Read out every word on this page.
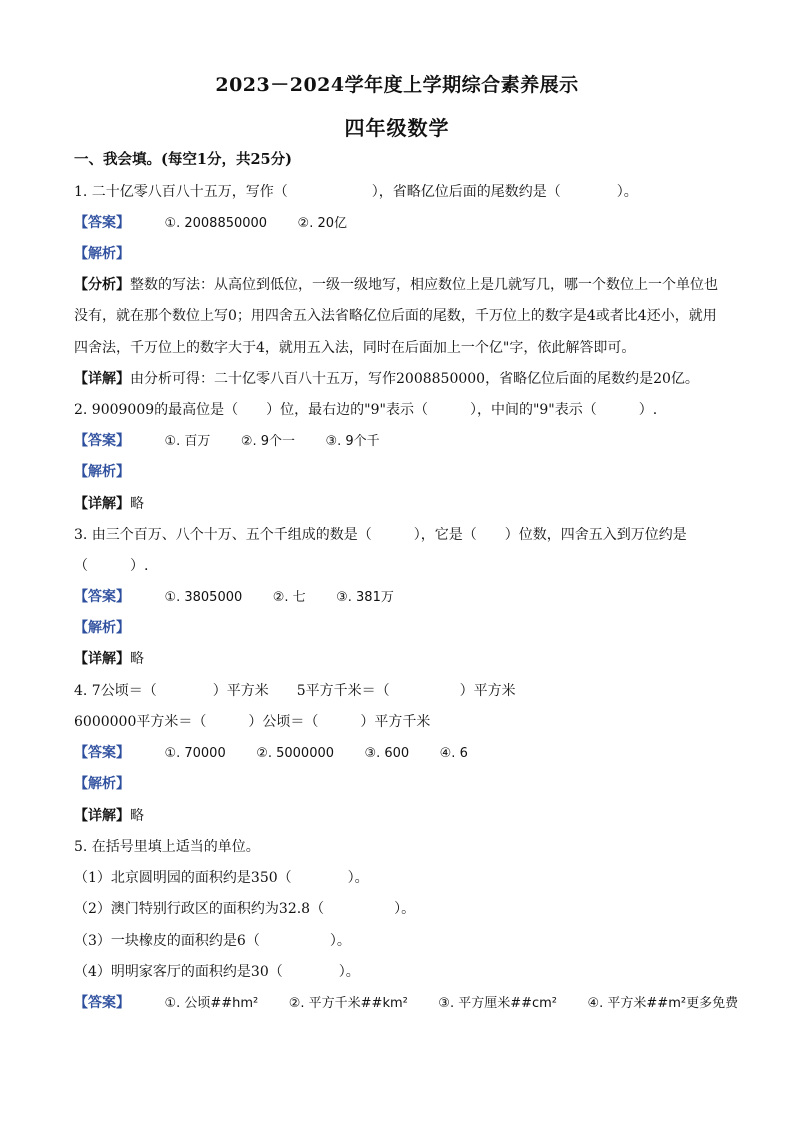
2023－2024学年度上学期综合素养展示
四年级数学
一、我会填。(每空1分，共25分)
1. 二十亿零八百八十五万，写作（　　　　　　），省略亿位后面的尾数约是（　　　　）。
【答案】	①. 2008850000 ②. 20亿
【解析】
【分析】整数的写法：从高位到低位，一级一级地写，相应数位上是几就写几，哪一个数位上一个单位也
没有，就在那个数位上写0；用四舍五入法省略亿位后面的尾数，千万位上的数字是4或者比4还小，就用
四舍法，千万位上的数字大于4，就用五入法，同时在后面加上一个亿"字，依此解答即可。
【详解】由分析可得：二十亿零八百八十五万，写作2008850000，省略亿位后面的尾数约是20亿。
2. 9009009的最高位是（　　）位，最右边的"9"表示（　　　），中间的"9"表示（　　　）.
【答案】	①. 百万 ②. 9个一 ③. 9个千
【解析】
【详解】略
3. 由三个百万、八个十万、五个千组成的数是（　　　），它是（　　）位数，四舍五入到万位约是
（　　　）.
【答案】	①. 3805000 ②. 七 ③. 381万
【解析】
【详解】略
4. 7公顷＝（　　　　）平方米　　5平方千米＝（　　　　　）平方米
6000000平方米＝（　　　）公顷＝（　　　）平方千米
【答案】	①. 70000 ②. 5000000 ③. 600 ④. 6
【解析】
【详解】略
5. 在括号里填上适当的单位。
（1）北京圆明园的面积约是350（　　　　）。
（2）澳门特别行政区的面积约为32.8（　　　　　）。
（3）一块橡皮的面积约是6（　　　　　）。
（4）明明家客厅的面积约是30（　　　　）。
【答案】	①. 公顷##hm² ②. 平方千米##km² ③. 平方厘米##cm² ④. 平方米##m²更多免费
